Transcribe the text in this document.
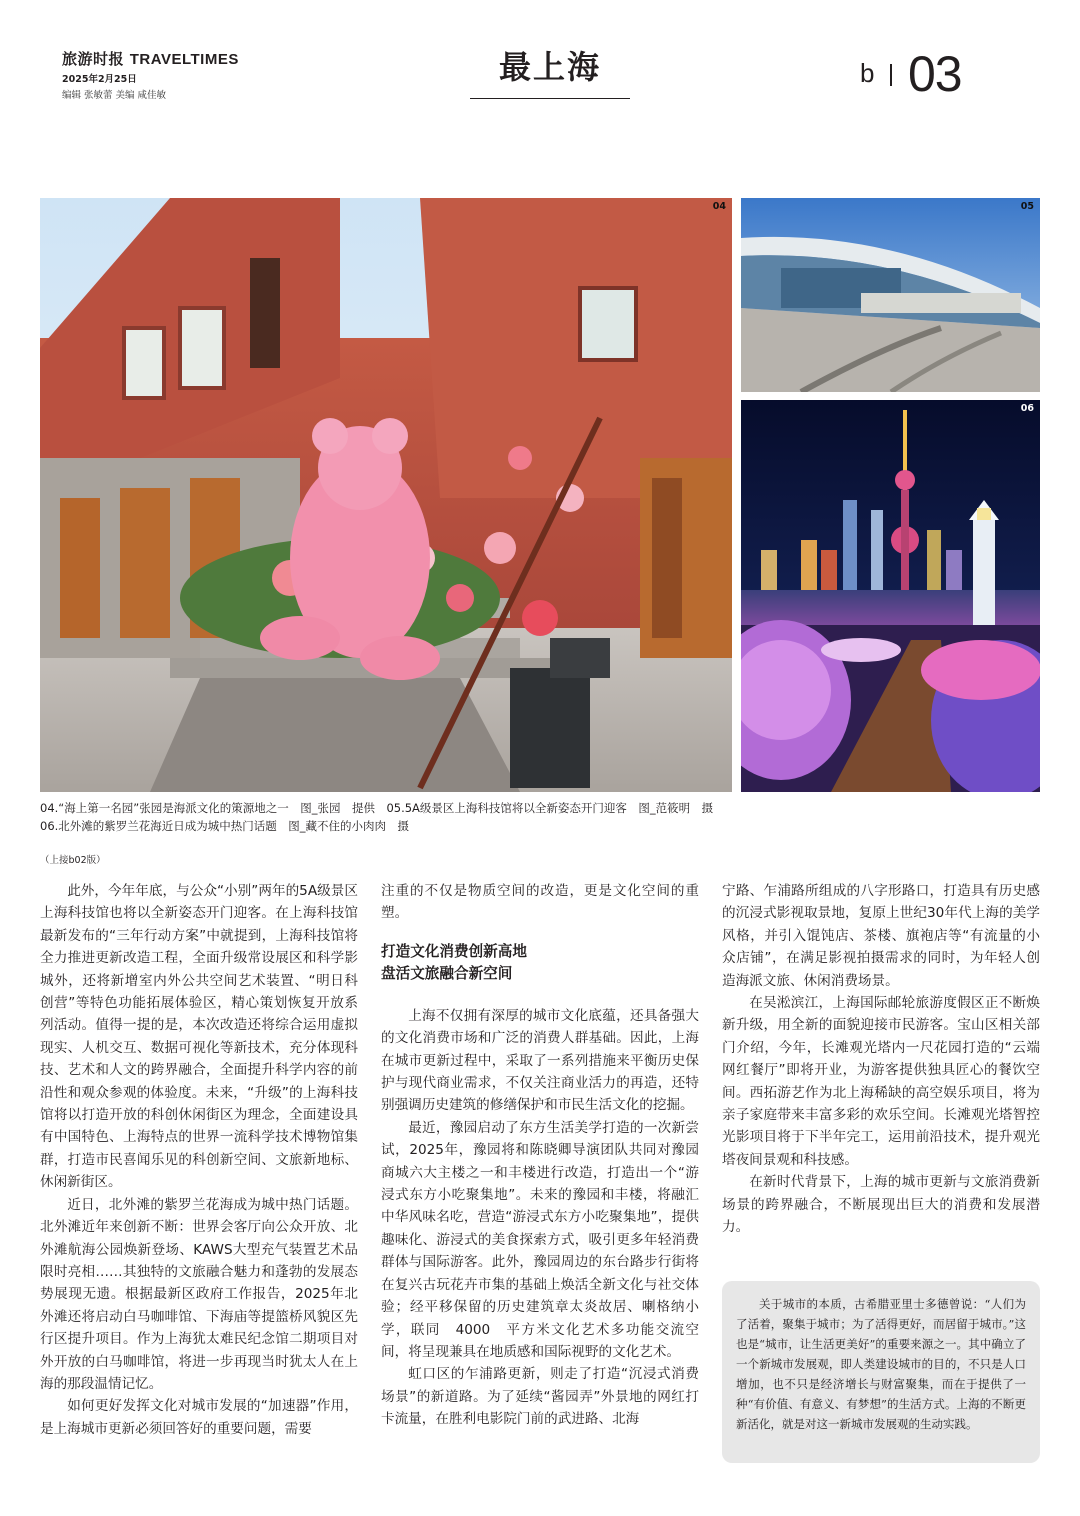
旅游时报 TRAVELTIMES
2025年2月25日
编辑 张敏蕾 美编 咸佳敏
最上海	b 03
04	05
06
04.“海上第一名园”张园是海派文化的策源地之一　图_张园　提供　05.5A级景区上海科技馆将以全新姿态开门迎客　图_范筱明　摄
06.北外滩的紫罗兰花海近日成为城中热门话题　图_藏不住的小肉肉　摄
（上接b02版）

此外，今年年底，与公众“小别”两年的5A级景区上海科技馆也将以全新姿态开门迎客。在上海科技馆最新发布的“三年行动方案”中就提到，上海科技馆将全力推进更新改造工程，全面升级常设展区和科学影城外，还将新增室内外公共空间艺术装置、“明日科创营”等特色功能拓展体验区，精心策划恢复开放系列活动。值得一提的是，本次改造还将综合运用虚拟现实、人机交互、数据可视化等新技术，充分体现科技、艺术和人文的跨界融合，全面提升科学内容的前沿性和观众参观的体验度。未来，“升级”的上海科技馆将以打造开放的科创休闲街区为理念，全面建设具有中国特色、上海特点的世界一流科学技术博物馆集群，打造市民喜闻乐见的科创新空间、文旅新地标、休闲新街区。

近日，北外滩的紫罗兰花海成为城中热门话题。北外滩近年来创新不断：世界会客厅向公众开放、北外滩航海公园焕新登场、KAWS大型充气装置艺术品限时亮相……其独特的文旅融合魅力和蓬勃的发展态势展现无遗。根据最新区政府工作报告，2025年北外滩还将启动白马咖啡馆、下海庙等提篮桥风貌区先行区提升项目。作为上海犹太难民纪念馆二期项目对外开放的白马咖啡馆，将进一步再现当时犹太人在上海的那段温情记忆。

如何更好发挥文化对城市发展的“加速器”作用，是上海城市更新必须回答好的重要问题，需要

注重的不仅是物质空间的改造，更是文化空间的重塑。

打造文化消费创新高地
盘活文旅融合新空间

上海不仅拥有深厚的城市文化底蕴，还具备强大的文化消费市场和广泛的消费人群基础。因此，上海在城市更新过程中，采取了一系列措施来平衡历史保护与现代商业需求，不仅关注商业活力的再造，还特别强调历史建筑的修缮保护和市民生活文化的挖掘。

最近，豫园启动了东方生活美学打造的一次新尝试，2025年，豫园将和陈晓卿导演团队共同对豫园商城六大主楼之一和丰楼进行改造，打造出一个“游浸式东方小吃聚集地”。未来的豫园和丰楼，将融汇中华风味名吃，营造“游浸式东方小吃聚集地”，提供趣味化、游浸式的美食探索方式，吸引更多年轻消费群体与国际游客。此外，豫园周边的东台路步行街将在复兴古玩花卉市集的基础上焕活全新文化与社交体验；经平移保留的历史建筑章太炎故居、喇格纳小学，联同　4000　平方米文化艺术多功能交流空间，将呈现兼具在地质感和国际视野的文化艺术。

虹口区的乍浦路更新，则走了打造“沉浸式消费场景”的新道路。为了延续“酱园弄”外景地的网红打卡流量，在胜利电影院门前的武进路、北海

宁路、乍浦路所组成的八字形路口，打造具有历史感的沉浸式影视取景地，复原上世纪30年代上海的美学风格，并引入馄饨店、茶楼、旗袍店等“有流量的小众店铺”，在满足影视拍摄需求的同时，为年轻人创造海派文旅、休闲消费场景。

在吴淞滨江，上海国际邮轮旅游度假区正不断焕新升级，用全新的面貌迎接市民游客。宝山区相关部门介绍，今年，长滩观光塔内一尺花园打造的“云端网红餐厅”即将开业，为游客提供独具匠心的餐饮空间。西拓游艺作为北上海稀缺的高空娱乐项目，将为亲子家庭带来丰富多彩的欢乐空间。长滩观光塔智控光影项目将于下半年完工，运用前沿技术，提升观光塔夜间景观和科技感。

在新时代背景下，上海的城市更新与文旅消费新场景的跨界融合，不断展现出巨大的消费和发展潜力。

关于城市的本质，古希腊亚里士多德曾说：“人们为了活着，聚集于城市；为了活得更好，而居留于城市。”这也是“城市，让生活更美好”的重要来源之一。其中确立了一个新城市发展观，即人类建设城市的目的，不只是人口增加，也不只是经济增长与财富聚集，而在于提供了一种“有价值、有意义、有梦想”的生活方式。上海的不断更新活化，就是对这一新城市发展观的生动实践。
